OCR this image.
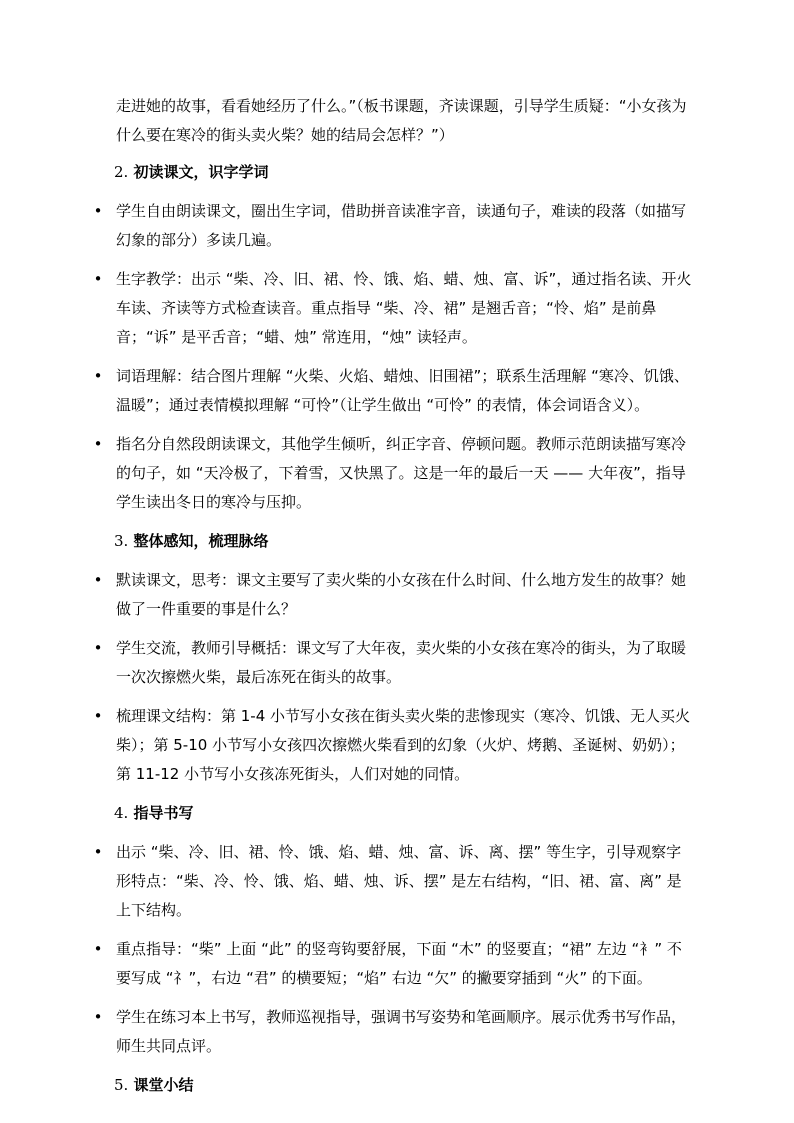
走进她的故事，看看她经历了什么。”（板书课题，齐读课题，引导学生质疑：“小女孩为什么要在寒冷的街头卖火柴？她的结局会怎样？”）
2. 初读课文，识字学词
• 学生自由朗读课文，圈出生字词，借助拼音读准字音，读通句子，难读的段落（如描写幻象的部分）多读几遍。
• 生字教学：出示 “柴、冷、旧、裙、怜、饿、焰、蜡、烛、富、诉”，通过指名读、开火车读、齐读等方式检查读音。重点指导 “柴、冷、裙” 是翘舌音；“怜、焰” 是前鼻音；“诉” 是平舌音；“蜡、烛” 常连用，“烛” 读轻声。
• 词语理解：结合图片理解 “火柴、火焰、蜡烛、旧围裙”；联系生活理解 “寒冷、饥饿、温暖”；通过表情模拟理解 “可怜”（让学生做出 “可怜” 的表情，体会词语含义）。
• 指名分自然段朗读课文，其他学生倾听，纠正字音、停顿问题。教师示范朗读描写寒冷的句子，如 “天冷极了，下着雪，又快黑了。这是一年的最后一天 —— 大年夜”，指导学生读出冬日的寒冷与压抑。
3. 整体感知，梳理脉络
• 默读课文，思考：课文主要写了卖火柴的小女孩在什么时间、什么地方发生的故事？她做了一件重要的事是什么？
• 学生交流，教师引导概括：课文写了大年夜，卖火柴的小女孩在寒冷的街头，为了取暖一次次擦燃火柴，最后冻死在街头的故事。
• 梳理课文结构：第 1-4 小节写小女孩在街头卖火柴的悲惨现实（寒冷、饥饿、无人买火柴）；第 5-10 小节写小女孩四次擦燃火柴看到的幻象（火炉、烤鹅、圣诞树、奶奶）；第 11-12 小节写小女孩冻死街头，人们对她的同情。
4. 指导书写
• 出示 “柴、冷、旧、裙、怜、饿、焰、蜡、烛、富、诉、离、摆” 等生字，引导观察字形特点：“柴、冷、怜、饿、焰、蜡、烛、诉、摆” 是左右结构，“旧、裙、富、离” 是上下结构。
• 重点指导：“柴” 上面 “此” 的竖弯钩要舒展，下面 “木” 的竖要直；“裙” 左边 “衤” 不要写成 “礻”，右边 “君” 的横要短；“焰” 右边 “欠” 的撇要穿插到 “火” 的下面。
• 学生在练习本上书写，教师巡视指导，强调书写姿势和笔画顺序。展示优秀书写作品，师生共同点评。
5. 课堂小结
